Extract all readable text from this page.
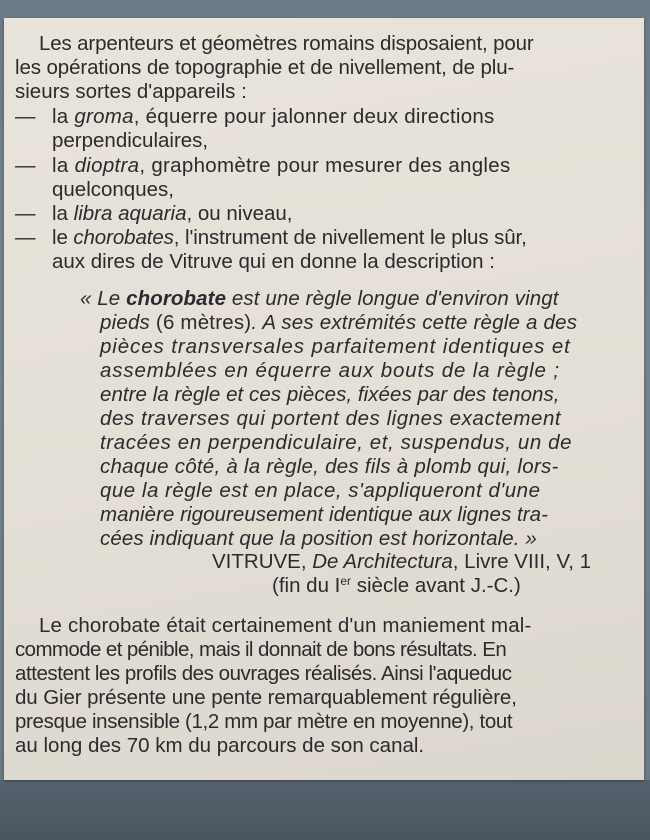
Les arpenteurs et géomètres romains disposaient, pour
les opérations de topographie et de nivellement, de plu-
sieurs sortes d'appareils :
— la groma, équerre pour jalonner deux directions
perpendiculaires,
— la dioptra, graphomètre pour mesurer des angles
quelconques,
— la libra aquaria, ou niveau,
— le chorobates, l'instrument de nivellement le plus sûr,
aux dires de Vitruve qui en donne la description :
« Le chorobate est une règle longue d'environ vingt
pieds (6 mètres). A ses extrémités cette règle a des
pièces transversales parfaitement identiques et
assemblées en équerre aux bouts de la règle ;
entre la règle et ces pièces, fixées par des tenons,
des traverses qui portent des lignes exactement
tracées en perpendiculaire, et, suspendus, un de
chaque côté, à la règle, des fils à plomb qui, lors-
que la règle est en place, s'appliqueront d'une
manière rigoureusement identique aux lignes tra-
cées indiquant que la position est horizontale. »
VITRUVE, De Architectura, Livre VIII, V, 1
(fin du Ier siècle avant J.-C.)
Le chorobate était certainement d'un maniement mal-
commode et pénible, mais il donnait de bons résultats. En
attestent les profils des ouvrages réalisés. Ainsi l'aqueduc
du Gier présente une pente remarquablement régulière,
presque insensible (1,2 mm par mètre en moyenne), tout
au long des 70 km du parcours de son canal.
